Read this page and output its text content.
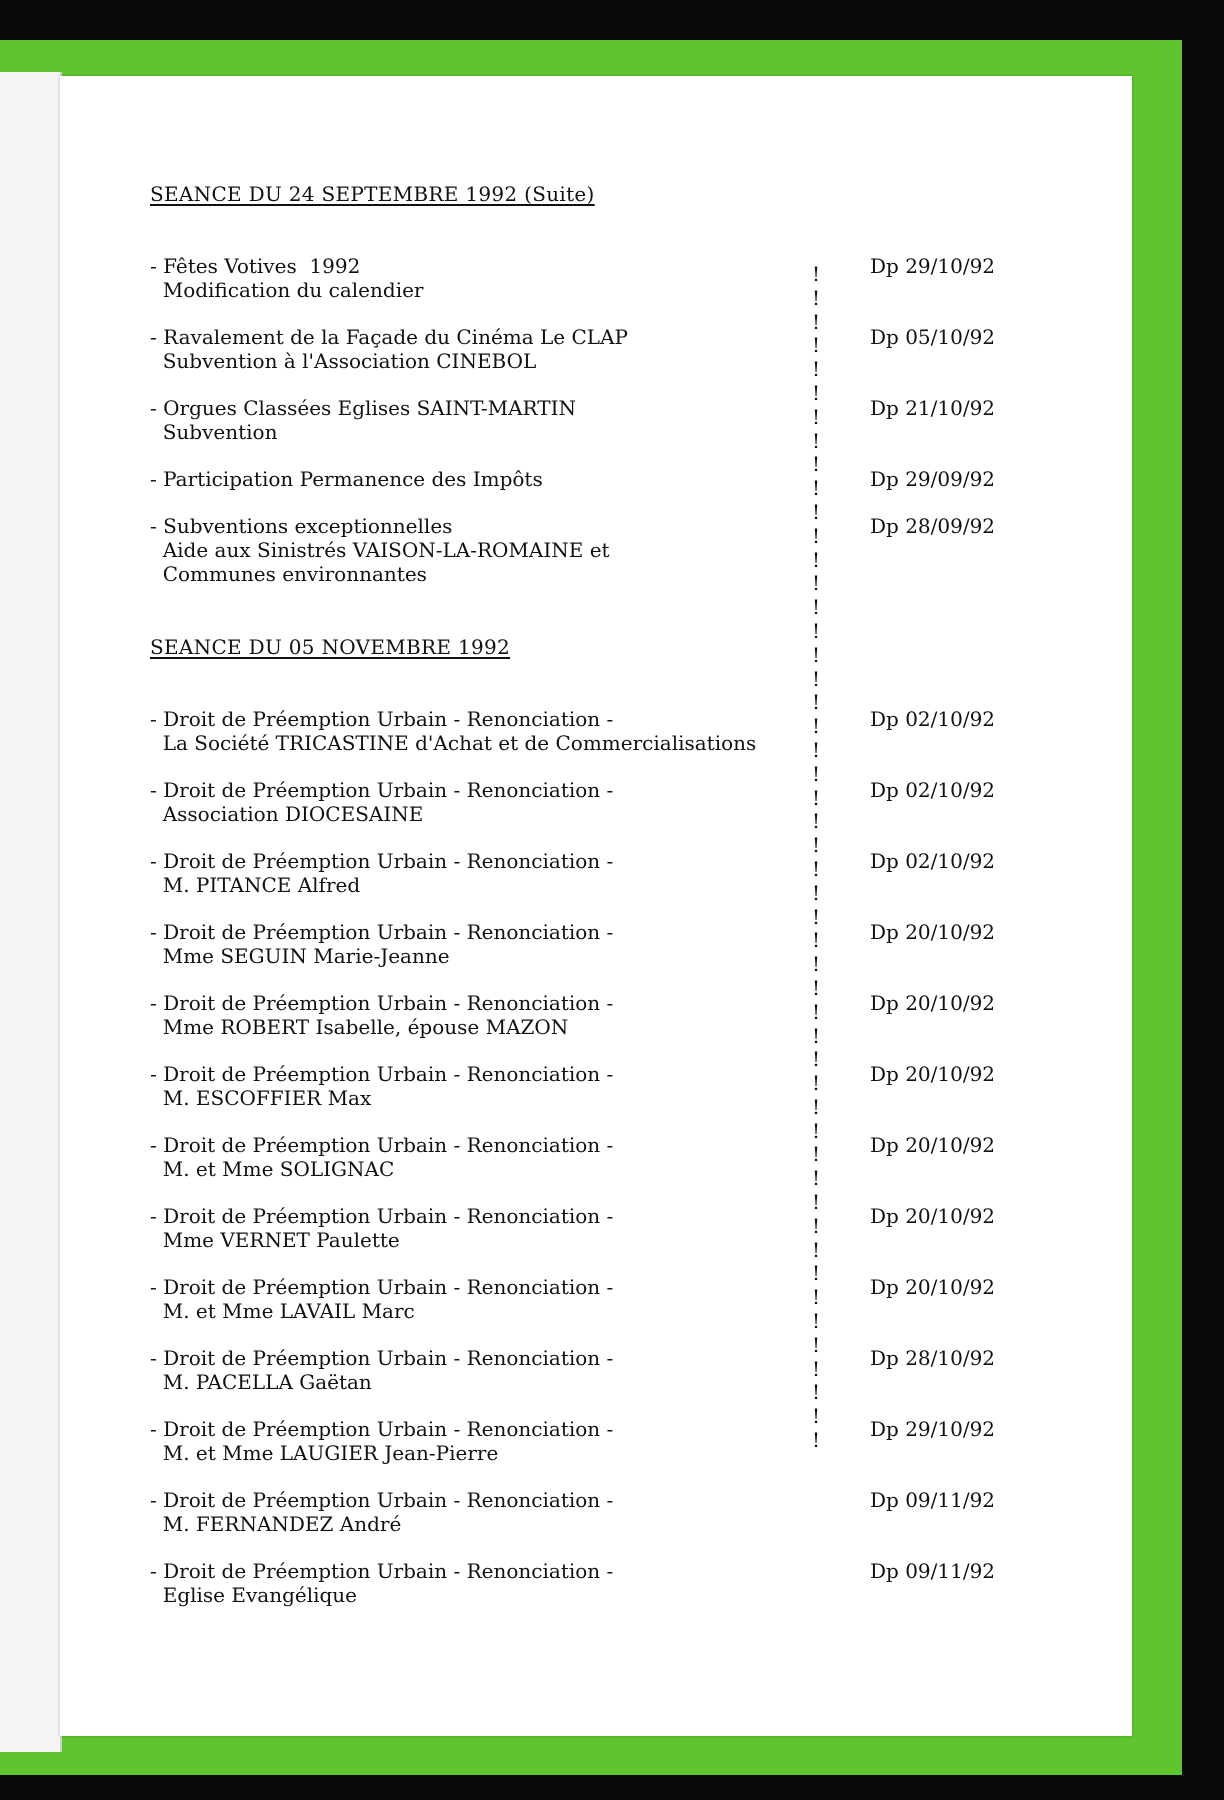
SEANCE DU 24 SEPTEMBRE 1992 (Suite)
- Fêtes Votives  1992
Modification du calendier
Dp 29/10/92
- Ravalement de la Façade du Cinéma Le CLAP
Subvention à l'Association CINEBOL
Dp 05/10/92
- Orgues Classées Eglises SAINT-MARTIN
Subvention
Dp 21/10/92
- Participation Permanence des Impôts	Dp 29/09/92
- Subventions exceptionnelles
Aide aux Sinistrés VAISON-LA-ROMAINE et
Communes environnantes
Dp 28/09/92
SEANCE DU 05 NOVEMBRE 1992
- Droit de Préemption Urbain - Renonciation -
La Société TRICASTINE d'Achat et de Commercialisations
Dp 02/10/92
- Droit de Préemption Urbain - Renonciation -
Association DIOCESAINE
Dp 02/10/92
- Droit de Préemption Urbain - Renonciation -
M. PITANCE Alfred
Dp 02/10/92
- Droit de Préemption Urbain - Renonciation -
Mme SEGUIN Marie-Jeanne
Dp 20/10/92
- Droit de Préemption Urbain - Renonciation -
Mme ROBERT Isabelle, épouse MAZON
Dp 20/10/92
- Droit de Préemption Urbain - Renonciation -
M. ESCOFFIER Max
Dp 20/10/92
- Droit de Préemption Urbain - Renonciation -
M. et Mme SOLIGNAC
Dp 20/10/92
- Droit de Préemption Urbain - Renonciation -
Mme VERNET Paulette
Dp 20/10/92
- Droit de Préemption Urbain - Renonciation -
M. et Mme LAVAIL Marc
Dp 20/10/92
- Droit de Préemption Urbain - Renonciation -
M. PACELLA Gaëtan
Dp 28/10/92
- Droit de Préemption Urbain - Renonciation -
M. et Mme LAUGIER Jean-Pierre
Dp 29/10/92
- Droit de Préemption Urbain - Renonciation -
M. FERNANDEZ André
Dp 09/11/92
- Droit de Préemption Urbain - Renonciation -
Eglise Evangélique
Dp 09/11/92
!
!
!
!
!
!
!
!
!
!
!
!
!
!
!
!
!
!
!
!
!
!
!
!
!
!
!
!
!
!
!
!
!
!
!
!
!
!
!
!
!
!
!
!
!
!
!
!
!
!
